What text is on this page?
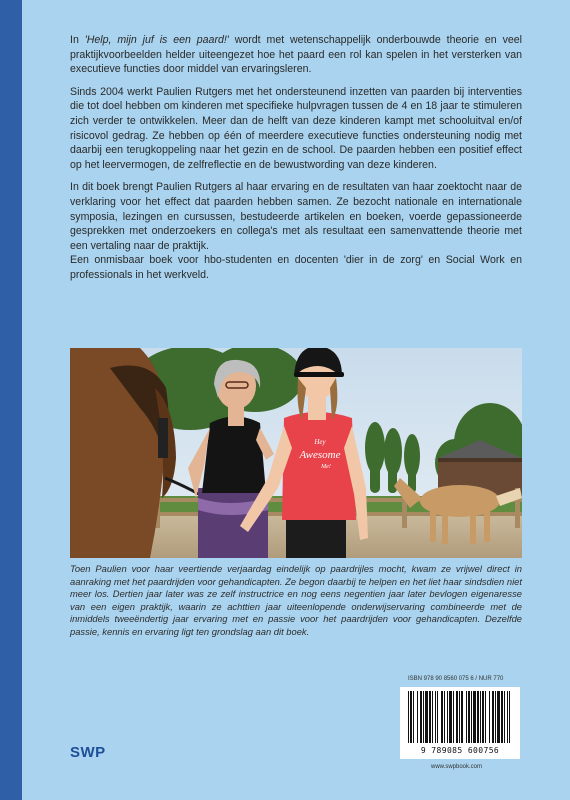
In 'Help, mijn juf is een paard!' wordt met wetenschappelijk onderbouwde theorie en veel praktijkvoorbeelden helder uiteengezet hoe het paard een rol kan spelen in het versterken van executieve functies door middel van ervaringsleren.

Sinds 2004 werkt Paulien Rutgers met het ondersteunend inzetten van paarden bij interventies die tot doel hebben om kinderen met specifieke hulpvragen tussen de 4 en 18 jaar te stimuleren zich verder te ontwikkelen. Meer dan de helft van deze kinderen kampt met schooluitval en/of risicovol gedrag. Ze hebben op één of meerdere executieve functies ondersteuning nodig met daarbij een terugkoppeling naar het gezin en de school. De paarden hebben een positief effect op het leervermogen, de zelfreflectie en de bewustwording van deze kinderen.

In dit boek brengt Paulien Rutgers al haar ervaring en de resultaten van haar zoektocht naar de verklaring voor het effect dat paarden hebben samen. Ze bezocht nationale en internationale symposia, lezingen en cursussen, bestudeerde artikelen en boeken, voerde gepassioneerde gesprekken met onderzoekers en collega's met als resultaat een samenvattende theorie met een vertaling naar de praktijk.

Een onmisbaar boek voor hbo-studenten en docenten 'dier in de zorg' en Social Work en professionals in het werkveld.

Hey
Awesome
Me!

Toen Paulien voor haar veertiende verjaardag eindelijk op paardrijles mocht, kwam ze vrijwel direct in aanraking met het paardrijden voor gehandicapten. Ze begon daarbij te helpen en het liet haar sindsdien niet meer los. Dertien jaar later was ze zelf instructrice en nog eens negentien jaar later bevlogen eigenaresse van een eigen praktijk, waarin ze achttien jaar uiteenlopende onderwijservaring combineerde met de inmiddels tweeëndertig jaar ervaring met en passie voor het paardrijden voor gehandicapten. Dezelfde passie, kennis en ervaring ligt ten grondslag aan dit boek.

ISBN 978 90 8560 075 6 / NUR 770
9 789085 600756
www.swpbook.com
SWP
